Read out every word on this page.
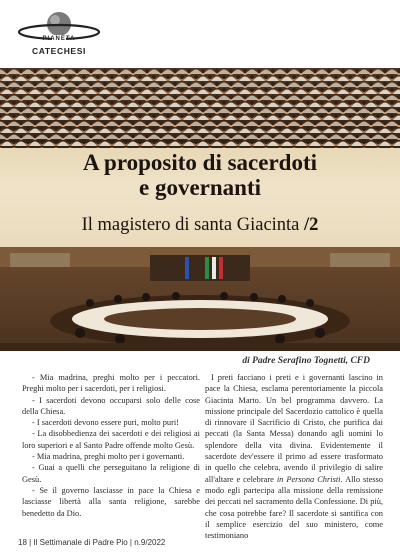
PIANETA
CATECHESI
A proposito di sacerdoti
e governanti
Il magistero di santa Giacinta /2
di Padre Serafino Tognetti, CFD

- Mia madrina, preghi molto per i peccatori. Preghi molto per i sacerdoti, per i religiosi.

- I sacerdoti devono occuparsi solo delle cose della Chiesa.

- I sacerdoti devono essere puri, molto puri!

- La disobbedienza dei sacerdoti e dei religiosi ai loro superiori e al Santo Padre offende molto Gesù.

- Mia madrina, preghi molto per i governanti.

- Guai a quelli che perseguitano la religione di Gesù.

- Se il governo lasciasse in pace la Chiesa e lasciasse libertà alla santa religione, sarebbe benedetto da Dio.

I preti facciano i preti e i governanti lascino in pace la Chiesa, esclama perentoriamente la piccola Giacinta Marto. Un bel programma davvero. La missione principale del Sacerdozio cattolico è quella di rinnovare il Sacrificio di Cristo, che purifica dai peccati (la Santa Messa) donando agli uomini lo splendore della vita divina. Evidentemente il sacerdote dev'essere il primo ad essere trasformato in quello che celebra, avendo il privilegio di salire all'altare e celebrare in Persona Christi. Allo stesso modo egli partecipa alla missione della remissione dei peccati nel sacramento della Confessione. Di più, che cosa potrebbe fare? Il sacerdote si santifica con il semplice esercizio del suo ministero, come testimoniano

18 | Il Settimanale di Padre Pio | n.9/2022
